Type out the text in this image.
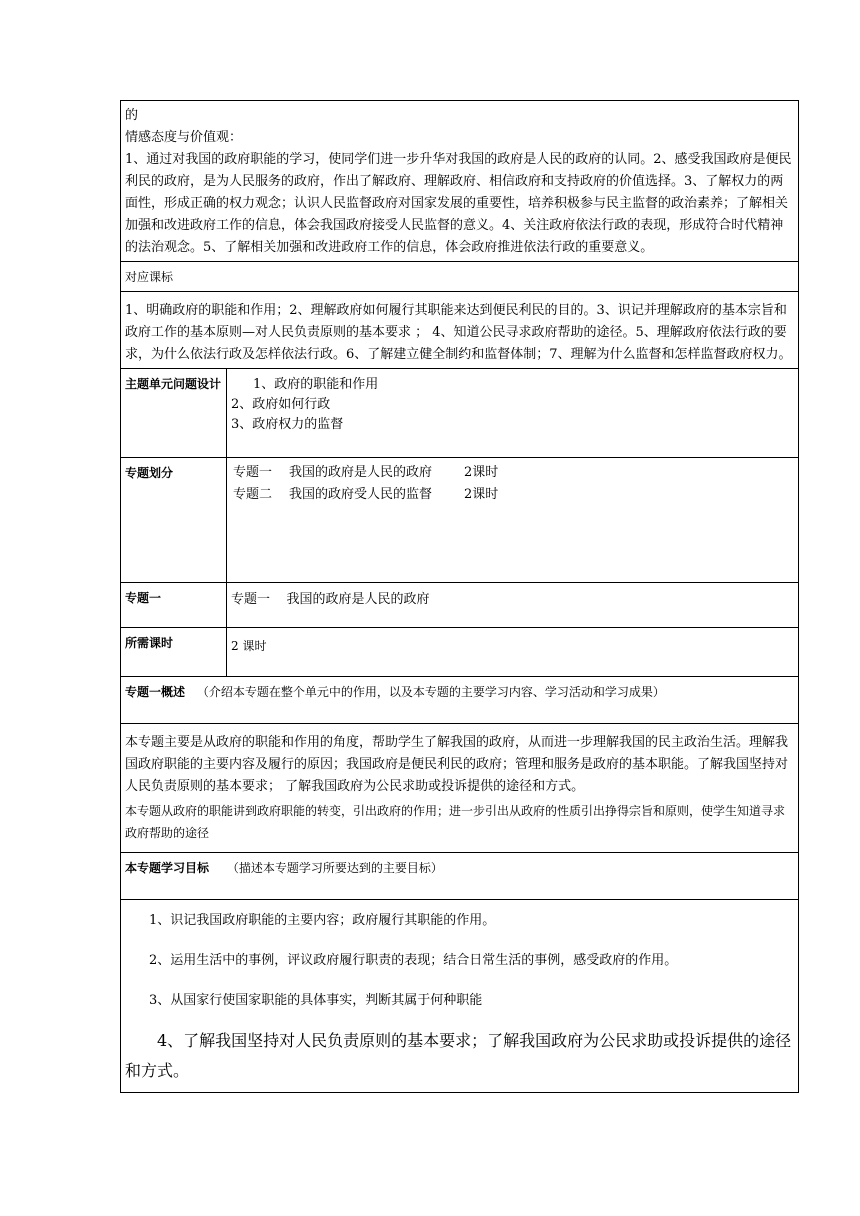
的
情感态度与价值观：
1、通过对我国的政府职能的学习，使同学们进一步升华对我国的政府是人民的政府的认同。2、感受我国政府是便民利民的政府，是为人民服务的政府，作出了解政府、理解政府、相信政府和支持政府的价值选择。3、了解权力的两面性，形成正确的权力观念；认识人民监督政府对国家发展的重要性，培养积极参与民主监督的政治素养；了解相关加强和改进政府工作的信息，体会我国政府接受人民监督的意义。4、关注政府依法行政的表现，形成符合时代精神的法治观念。5、了解相关加强和改进政府工作的信息，体会政府推进依法行政的重要意义。	

对应课标	
1、明确政府的职能和作用；2、理解政府如何履行其职能来达到便民利民的目的。3、识记并理解政府的基本宗旨和政府工作的基本原则—对人民负责原则的基本要求 ； 4、知道公民寻求政府帮助的途径。5、理解政府依法行政的要求，为什么依法行政及怎样依法行政。6、了解建立健全制约和监督体制；7、理解为什么监督和怎样监督政府权力。	
主题单元问题设计	1、政府的职能和作用
2、政府如何行政
3、政府权力的监督

专题划分	专题一 我国的政府是人民的政府 2课时
专题二 我国的政府受人民的监督 2课时

专题一	专题一    我国的政府是人民的政府
所需课时	2 课时
专题一概述 （介绍本专题在整个单元中的作用，以及本专题的主要学习内容、学习活动和学习成果）	

本专题主要是从政府的职能和作用的角度，帮助学生了解我国的政府，从而进一步理解我国的民主政治生活。理解我国政府职能的主要内容及履行的原因；我国政府是便民利民的政府；管理和服务是政府的基本职能。了解我国坚持对人民负责原则的基本要求； 了解我国政府为公民求助或投诉提供的途径和方式。

本专题从政府的职能讲到政府职能的转变，引出政府的作用；进一步引出从政府的性质引出挣得宗旨和原则，使学生知道寻求政府帮助的途径	

本专题学习目标 （描述本专题学习所要达到的主要目标）	

1、识记我国政府职能的主要内容；政府履行其职能的作用。

2、运用生活中的事例，评议政府履行职责的表现；结合日常生活的事例，感受政府的作用。

3、从国家行使国家职能的具体事实，判断其属于何种职能

4、了解我国坚持对人民负责原则的基本要求；了解我国政府为公民求助或投诉提供的途径和方式。	
